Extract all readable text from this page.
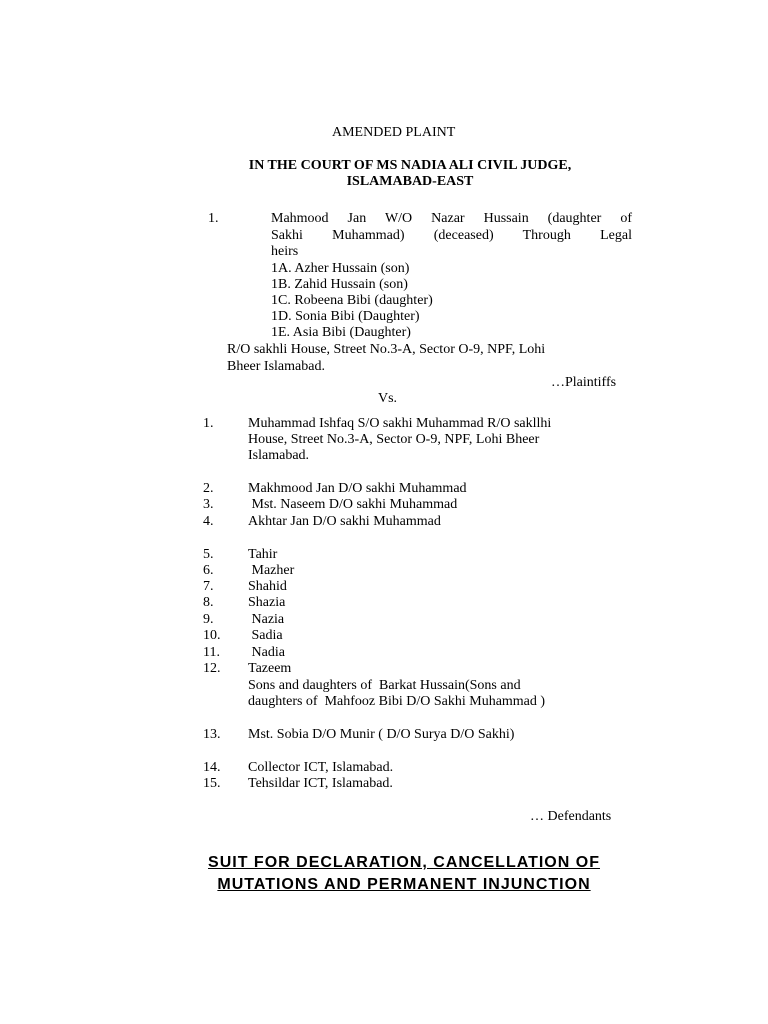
AMENDED PLAINT
IN THE COURT OF MS NADIA ALI CIVIL JUDGE,
ISLAMABAD-EAST
1.	Mahmood Jan W/O Nazar Hussain (daughter of
Sakhi Muhammad) (deceased) Through Legal
heirs
1A. Azher Hussain (son)
1B. Zahid Hussain (son)
1C. Robeena Bibi (daughter)
1D. Sonia Bibi (Daughter)
1E. Asia Bibi (Daughter)
R/O sakhli House, Street No.3-A, Sector O-9, NPF, Lohi
Bheer Islamabad.
…Plaintiffs
Vs.
1. Muhammad Ishfaq S/O sakhi Muhammad R/O sakllhi
House, Street No.3-A, Sector O-9, NPF, Lohi Bheer
Islamabad.
2. Makhmood Jan D/O sakhi Muhammad
3. Mst. Naseem D/O sakhi Muhammad
4. Akhtar Jan D/O sakhi Muhammad
5. Tahir
6. Mazher
7. Shahid
8. Shazia
9. Nazia
10. Sadia
11. Nadia
12. Tazeem
Sons and daughters of  Barkat Hussain(Sons and
daughters of  Mahfooz Bibi D/O Sakhi Muhammad )
13. Mst. Sobia D/O Munir ( D/O Surya D/O Sakhi)
14. Collector ICT, Islamabad.
15. Tehsildar ICT, Islamabad.
… Defendants
SUIT FOR DECLARATION, CANCELLATION OF
MUTATIONS AND PERMANENT INJUNCTION
